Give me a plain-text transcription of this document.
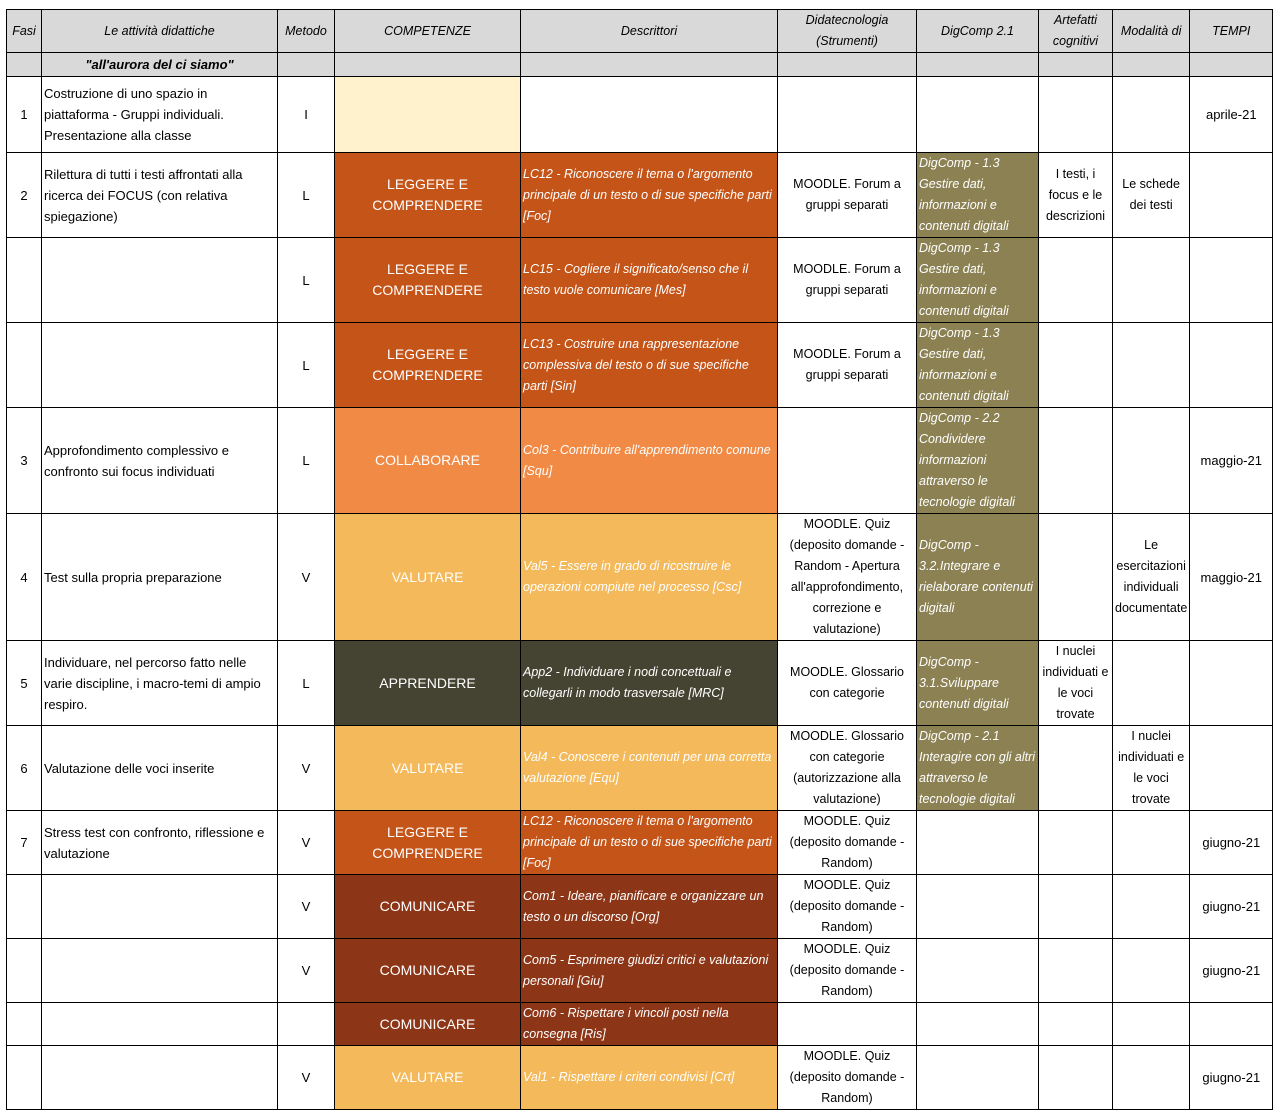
Fasi	Le attività didattiche	Metodo	COMPETENZE	Descrittori	Didatecnologia (Strumenti)	DigComp 2.1	Artefatti cognitivi	Modalità di	TEMPI
	"all'aurora del ci siamo"								
1	Costruzione di uno spazio in piattaforma - Gruppi individuali. Presentazione alla classe	I							aprile-21
2	Rilettura di tutti i testi affrontati alla ricerca dei FOCUS (con relativa spiegazione)	L	LEGGERE E COMPRENDERE	LC12 - Riconoscere il tema o l'argomento principale di un testo o di sue specifiche parti [Foc]	MOODLE. Forum a gruppi separati	DigComp - 1.3 Gestire dati, informazioni e contenuti digitali	I testi, i focus e le descrizioni	Le schede dei testi	
		L	LEGGERE E COMPRENDERE	LC15 - Cogliere il significato/senso che il testo vuole comunicare [Mes]	MOODLE. Forum a gruppi separati	DigComp - 1.3 Gestire dati, informazioni e contenuti digitali			
		L	LEGGERE E COMPRENDERE	LC13 - Costruire una rappresentazione complessiva del testo o di sue specifiche parti [Sin]	MOODLE. Forum a gruppi separati	DigComp - 1.3 Gestire dati, informazioni e contenuti digitali			
3	Approfondimento complessivo e confronto sui focus individuati	L	COLLABORARE	Col3 - Contribuire all'apprendimento comune [Squ]		DigComp - 2.2 Condividere informazioni attraverso le tecnologie digitali			maggio-21
4	Test sulla propria preparazione	V	VALUTARE	Val5 - Essere in grado di ricostruire le operazioni compiute nel processo [Csc]	MOODLE. Quiz (deposito domande - Random - Apertura all'approfondimento, correzione e valutazione)	DigComp - 3.2.Integrare e rielaborare contenuti digitali		Le esercitazioni individuali documentate	maggio-21
5	Individuare, nel percorso fatto nelle varie discipline, i macro-temi di ampio respiro.	L	APPRENDERE	App2 - Individuare i nodi concettuali e collegarli in modo trasversale [MRC]	MOODLE. Glossario con categorie	DigComp - 3.1.Sviluppare contenuti digitali	I nuclei individuati e le voci trovate		
6	Valutazione delle voci inserite	V	VALUTARE	Val4 - Conoscere i contenuti per una corretta valutazione [Equ]	MOODLE. Glossario con categorie (autorizzazione alla valutazione)	DigComp - 2.1 Interagire con gli altri attraverso le tecnologie digitali		I nuclei individuati e le voci trovate	
7	Stress test con confronto, riflessione e valutazione	V	LEGGERE E COMPRENDERE	LC12 - Riconoscere il tema o l'argomento principale di un testo o di sue specifiche parti [Foc]	MOODLE. Quiz (deposito domande - Random)				giugno-21
		V	COMUNICARE	Com1 - Ideare, pianificare e organizzare un testo o un discorso [Org]	MOODLE. Quiz (deposito domande - Random)				giugno-21
		V	COMUNICARE	Com5 - Esprimere giudizi critici e valutazioni personali [Giu]	MOODLE. Quiz (deposito domande - Random)				giugno-21
			COMUNICARE	Com6 - Rispettare i vincoli posti nella consegna [Ris]					
		V	VALUTARE	Val1 - Rispettare i criteri condivisi [Crt]	MOODLE. Quiz (deposito domande - Random)				giugno-21
